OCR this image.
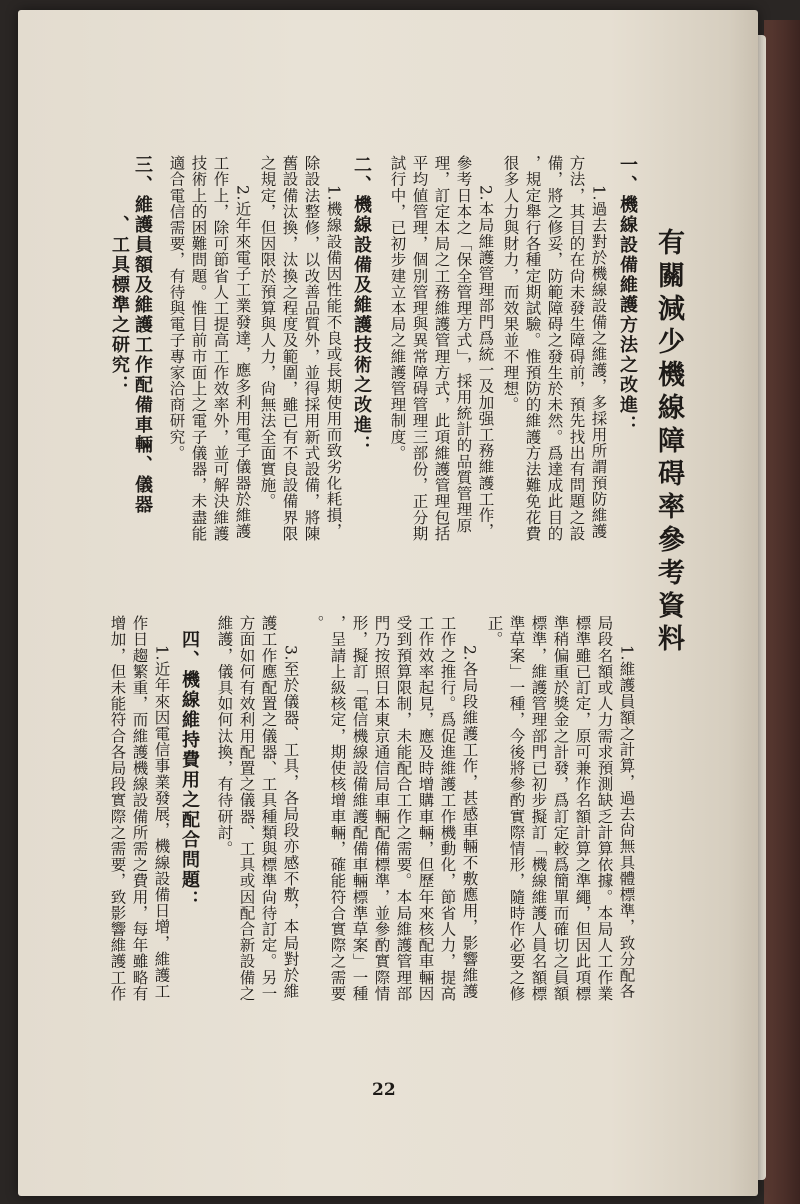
有關減少機線障碍率參考資料
一、機線設備維護方法之改進：
1.過去對於機線設備之維護，多採用所謂預防維護
方法，其目的在尙未發生障碍前，預先找出有問題之設
備，將之修妥，防範障碍之發生於未然。爲達成此目的
，規定舉行各種定期試驗。惟預防的維護方法難免花費
很多人力與財力，而效果並不理想。
2.本局維護管理部門爲統一及加强工務維護工作，
參考日本之「保全管理方式」，採用統計的品質管理原
理，訂定本局之工務維護管理方式，此項維護管理包括
平均値管理，個別管理與異常障碍管理三部份，正分期
試行中，已初步建立本局之維護管理制度。
二、機線設備及維護技術之改進：
1.機線設備因性能不良或長期使用而致劣化耗損，
除設法整修，以改善品質外，並得採用新式設備，將陳
舊設備汰換，汰換之程度及範圍，雖已有不良設備界限
之規定，但因限於預算與人力，尙無法全面實施。
2.近年來電子工業發達，應多利用電子儀器於維護
工作上，除可節省人工提高工作效率外，並可解決維護
技術上的困難問題。惟目前市面上之電子儀器，未盡能
適合電信需要，有待與電子專家洽商研究。
三、維護員額及維護工作配備車輛、儀器
、工具標準之研究：
1.維護員額之計算，過去尙無具體標準，致分配各
局段名額或人力需求預測缺乏計算依據。本局人工作業
標準雖已訂定，原可兼作名額計算之準繩，但因此項標
準稍偏重於獎金之計發，爲訂定較爲簡單而確切之員額
標準，維護管理部門已初步擬訂「機線維護人員名額標
準草案」一種，今後將參酌實際情形，隨時作必要之修
正。
2.各局段維護工作，甚感車輛不敷應用，影響維護
工作之推行。爲促進維護工作機動化，節省人力，提高
工作效率起見，應及時增購車輛，但歷年來核配車輛因
受到預算限制，未能配合工作之需要。本局維護管理部
門乃按照日本東京通信局車輛配備標準，並參酌實際情
形，擬訂「電信機線設備維護配備車輛標準草案」一種
，呈請上級核定，期使核增車輛，確能符合實際之需要
。
3.至於儀器、工具，各局段亦感不敷，本局對於維
護工作應配置之儀器、工具種類與標準尙待訂定。另一
方面如何有效利用配置之儀器、工具或因配合新設備之
維護，儀具如何汰換，有待研討。
四、機線維持費用之配合問題：
1.近年來因電信事業發展，機線設備日增，維護工
作日趨繁重，而維護機線設備所需之費用，每年雖略有
增加，但未能符合各局段實際之需要，致影響維護工作
22
